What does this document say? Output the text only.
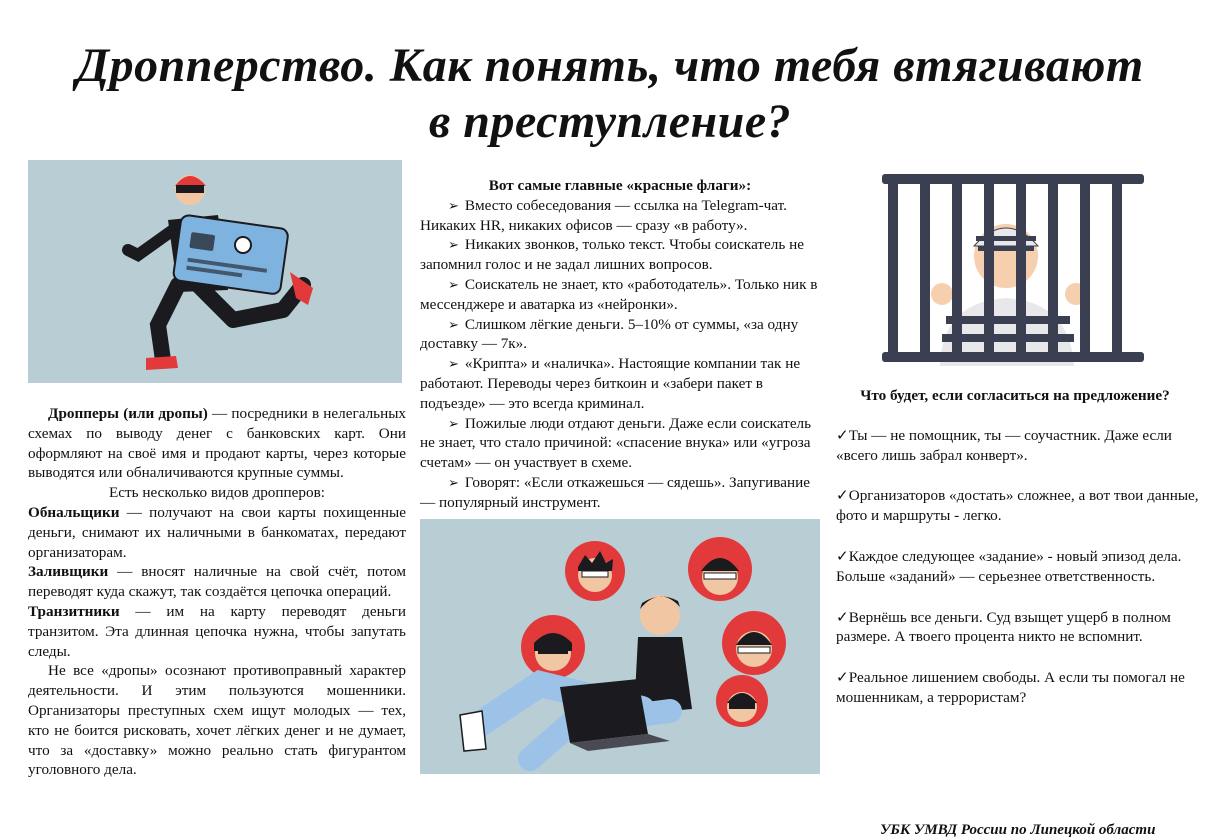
Дропперство. Как понять, что тебя втягивают
в преступление?

Дропперы (или дропы) — посредники в нелегальных схемах по выводу денег с банковских карт. Они оформляют на своё имя и продают карты, через которые выводятся или обналичиваются крупные суммы.

Есть несколько видов дропперов:

Обнальщики — получают на свои карты похищенные деньги, снимают их наличными в банкоматах, передают организаторам.

Заливщики — вносят наличные на свой счёт, потом переводят куда скажут, так создаётся цепочка операций.

Транзитники — им на карту переводят деньги транзитом. Эта длинная цепочка нужна, чтобы запутать следы.

Не все «дропы» осознают противоправный характер деятельности. И этим пользуются мошенники. Организаторы преступных схем ищут молодых — тех, кто не боится рисковать, хочет лёгких денег и не думает, что за «доставку» можно реально стать фигурантом уголовного дела.

Вот самые главные «красные флаги»:

➢ Вместо собеседования — ссылка на Telegram-чат. Никаких HR, никаких офисов — сразу «в работу».

➢ Никаких звонков, только текст. Чтобы соискатель не запомнил голос и не задал лишних вопросов.

➢ Соискатель не знает, кто «работодатель». Только ник в мессенджере и аватарка из «нейронки».

➢ Слишком лёгкие деньги. 5–10% от суммы, «за одну доставку — 7к».

➢ «Крипта» и «наличка». Настоящие компании так не работают. Переводы через биткоин и «забери пакет в подъезде» — это всегда криминал.

➢ Пожилые люди отдают деньги. Даже если соискатель не знает, что стало причиной: «спасение внука» или «угроза счетам» — он участвует в схеме.

➢ Говорят: «Если откажешься — сядешь». Запугивание — популярный инструмент.

Что будет, если согласиться на предложение?

✓Ты — не помощник, ты — соучастник. Даже если «всего лишь забрал конверт».

✓Организаторов «достать» сложнее, а вот твои данные, фото и маршруты - легко.

✓Каждое следующее «задание» - новый эпизод дела. Больше «заданий» — серьезнее ответственность.

✓Вернёшь все деньги. Суд взыщет ущерб в полном размере. А твоего процента никто не вспомнит.

✓Реальное лишением свободы. А если ты помогал не мошенникам, а террористам?

УБК УМВД России по Липецкой области
